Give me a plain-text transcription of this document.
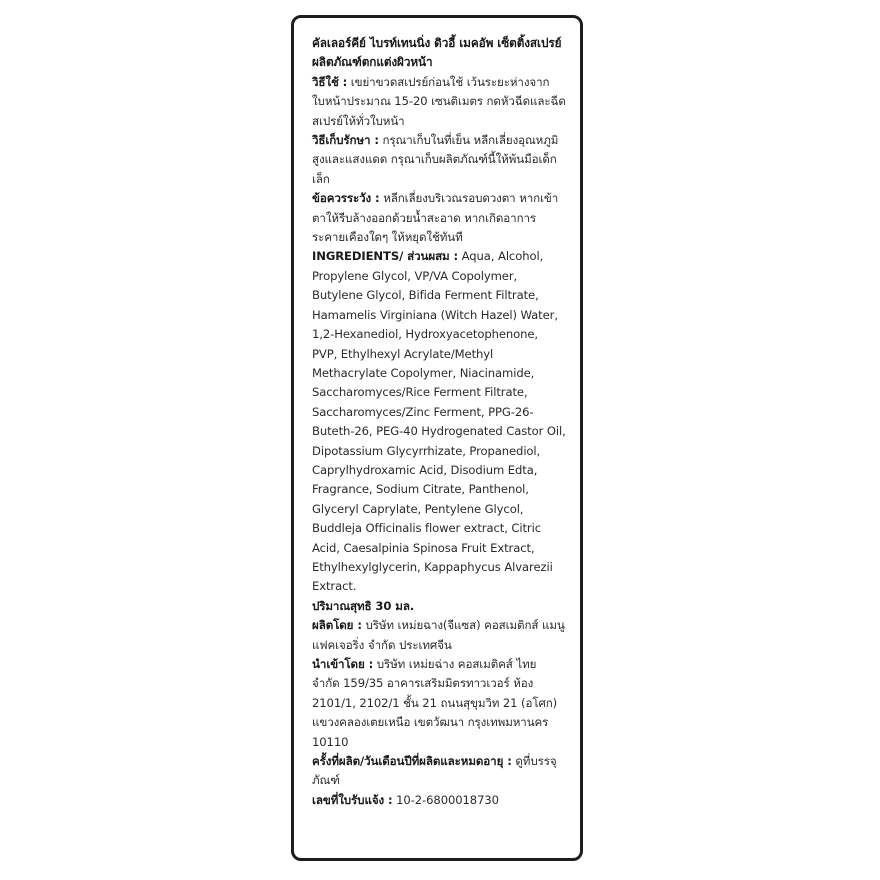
คัลเลอร์คีย์ ไบรท์เทนนิ่ง ดิวอี้ เมคอัพ เซ็ตติ้งสเปรย์ ผลิตภัณฑ์ตกแต่งผิวหน้า

วิธีใช้ : เขย่าขวดสเปรย์ก่อนใช้ เว้นระยะห่างจากใบหน้าประมาณ 15-20 เซนติเมตร กดหัวฉีดและฉีดสเปรย์ให้ทั่วใบหน้า

วิธีเก็บรักษา : กรุณาเก็บในที่เย็น หลีกเลี่ยงอุณหภูมิสูงและแสงแดด กรุณาเก็บผลิตภัณฑ์นี้ให้พ้นมือเด็กเล็ก

ข้อควรระวัง : หลีกเลี่ยงบริเวณรอบดวงตา หากเข้าตาให้รีบล้างออกด้วยน้ำสะอาด หากเกิดอาการระคายเคืองใดๆ ให้หยุดใช้ทันที

INGREDIENTS/ ส่วนผสม : Aqua, Alcohol, Propylene Glycol, VP/VA Copolymer, Butylene Glycol, Bifida Ferment Filtrate, Hamamelis Virginiana (Witch Hazel) Water, 1,2-Hexanediol, Hydroxyacetophenone, PVP, Ethylhexyl Acrylate/Methyl Methacrylate Copolymer, Niacinamide, Saccharomyces/Rice Ferment Filtrate, Saccharomyces/Zinc Ferment, PPG-26-Buteth-26, PEG-40 Hydrogenated Castor Oil, Dipotassium Glycyrrhizate, Propanediol, Caprylhydroxamic Acid, Disodium Edta, Fragrance, Sodium Citrate, Panthenol, Glyceryl Caprylate, Pentylene Glycol, Buddleja Officinalis flower extract, Citric Acid, Caesalpinia Spinosa Fruit Extract, Ethylhexylglycerin, Kappaphycus Alvarezii Extract.

ปริมาณสุทธิ 30 มล.

ผลิตโดย : บริษัท เหม่ยฉาง(จีแซส) คอสเมติกส์ แมนูแฟคเจอริ่ง จำกัด ประเทศจีน

นำเข้าโดย : บริษัท เหม่ยฉ่าง คอสเมติคส์ ไทย จำกัด 159/35 อาคารเสริมมิตรทาวเวอร์ ห้อง 2101/1, 2102/1 ชั้น 21 ถนนสุขุมวิท 21 (อโศก) แขวงคลองเตยเหนือ เขตวัฒนา กรุงเทพมหานคร 10110

ครั้งที่ผลิต/วันเดือนปีที่ผลิตและหมดอายุ : ดูที่บรรจุภัณฑ์

เลขที่ใบรับแจ้ง : 10-2-6800018730
